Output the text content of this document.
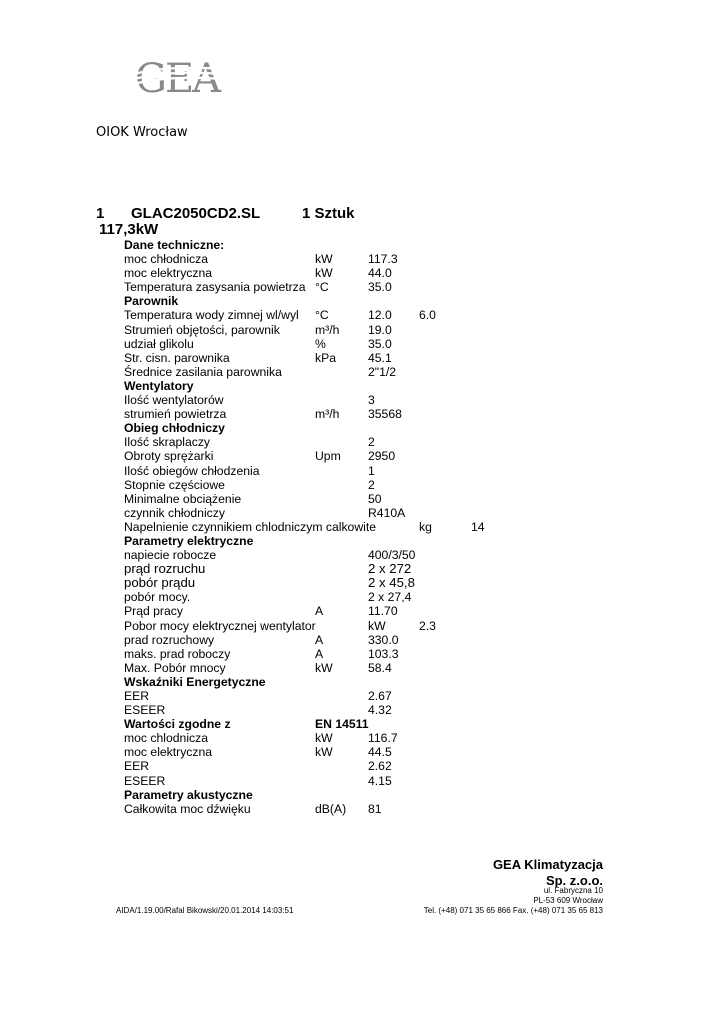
GEA
OIOK Wrocław
1 GLAC2050CD2.SL	1 Sztuk
117,3kW
Dane techniczne:
moc chłodnicza	kW	117.3
moc elektryczna	kW	44.0
Temperatura zasysania powietrza °C	35.0
Parownik
Temperatura wody zimnej wl/wyl °C	12.0 6.0
Strumień objętości, parownik	m³/h 19.0
udział glikolu	%	35.0
Str. cisn. parownika	kPa	45.1
Średnice zasilania parownika	2"1/2
Wentylatory
Ilość wentylatorów	3
strumień powietrza	m³/h 35568
Obieg chłodniczy
Ilość skraplaczy	2
Obroty sprężarki	Upm 2950
Ilość obiegów chłodzenia	1
Stopnie częściowe	2
Minimalne obciążenie	50
czynnik chłodniczy	R410A
Napelnienie czynnikiem chlodniczym calkowite	kg	14
Parametry elektryczne
napiecie robocze	400/3/50
prąd rozruchu	2 x 272
pobór prądu	2 x 45,8
pobór mocy.	2 x 27,4
Prąd pracy	A	11.70
Pobor mocy elektrycznej wentylator	kW	2.3
prad rozruchowy	A	330.0
maks. prad roboczy	A	103.3
Max. Pobór mnocy	kW	58.4
Wskaźniki Energetyczne
EER	2.67
ESEER	4.32
Wartości zgodne z	EN 14511
moc chlodnicza	kW	116.7
moc elektryczna	kW	44.5
EER	2.62
ESEER	4.15
Parametry akustyczne
Całkowita moc dźwięku	dB(A) 81
GEA Klimatyzacja
Sp. z.o.o.
ul. Fabryczna 10
PL-53 609 Wrocław
Tel. (+48) 071 35 65 866 Fax. (+48) 071 35 65 813
AIDA/1.19.00/Rafal Bikowski/20.01.2014 14:03:51
